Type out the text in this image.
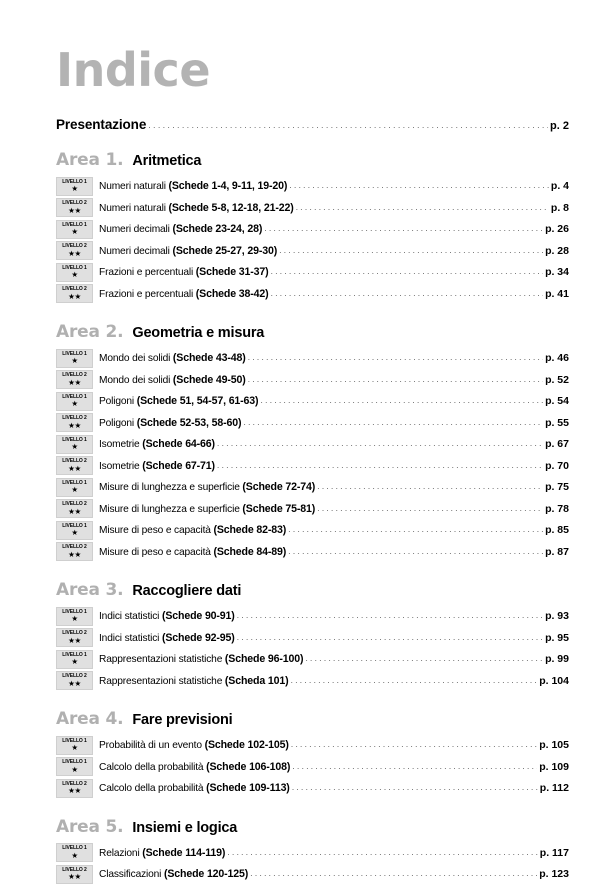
Indice
Presentazione .....	p. 2
Area 1. Aritmetica
LIVELLO 1
★ Numeri naturali (Schede 1-4, 9-11, 19-20) .....	p. 4
LIVELLO 2
★★ Numeri naturali (Schede 5-8, 12-18, 21-22) .....	p. 8
LIVELLO 1
★ Numeri decimali (Schede 23-24, 28) .....	p. 26
LIVELLO 2
★★ Numeri decimali (Schede 25-27, 29-30) .....	p. 28
LIVELLO 1
★ Frazioni e percentuali (Schede 31-37) .....	p. 34
LIVELLO 2
★★ Frazioni e percentuali (Schede 38-42) .....	p. 41
Area 2. Geometria e misura
LIVELLO 1
★ Mondo dei solidi (Schede 43-48) .....	p. 46
LIVELLO 2
★★ Mondo dei solidi (Schede 49-50) .....	p. 52
LIVELLO 1
★ Poligoni (Schede 51, 54-57, 61-63) .....	p. 54
LIVELLO 2
★★ Poligoni (Schede 52-53, 58-60) .....	p. 55
LIVELLO 1
★ Isometrie (Schede 64-66) .....	p. 67
LIVELLO 2
★★ Isometrie (Schede 67-71) .....	p. 70
LIVELLO 1
★ Misure di lunghezza e superficie (Schede 72-74) .....	p. 75
LIVELLO 2
★★ Misure di lunghezza e superficie (Schede 75-81) .....	p. 78
LIVELLO 1
★ Misure di peso e capacità (Schede 82-83) .....	p. 85
LIVELLO 2
★★ Misure di peso e capacità (Schede 84-89) .....	p. 87
Area 3. Raccogliere dati
LIVELLO 1
★ Indici statistici (Schede 90-91) .....	p. 93
LIVELLO 2
★★ Indici statistici (Schede 92-95) .....	p. 95
LIVELLO 1
★ Rappresentazioni statistiche (Schede 96-100) .....	p. 99
LIVELLO 2
★★ Rappresentazioni statistiche (Scheda 101) .....	p. 104
Area 4. Fare previsioni
LIVELLO 1
★ Probabilità di un evento (Schede 102-105) .....	p. 105
LIVELLO 1
★ Calcolo della probabilità (Schede 106-108) .....	p. 109
LIVELLO 2
★★ Calcolo della probabilità (Schede 109-113) .....	p. 112
Area 5. Insiemi e logica
LIVELLO 1
★ Relazioni (Schede 114-119) .....	p. 117
LIVELLO 2
★★ Classificazioni (Schede 120-125) .....	p. 123
